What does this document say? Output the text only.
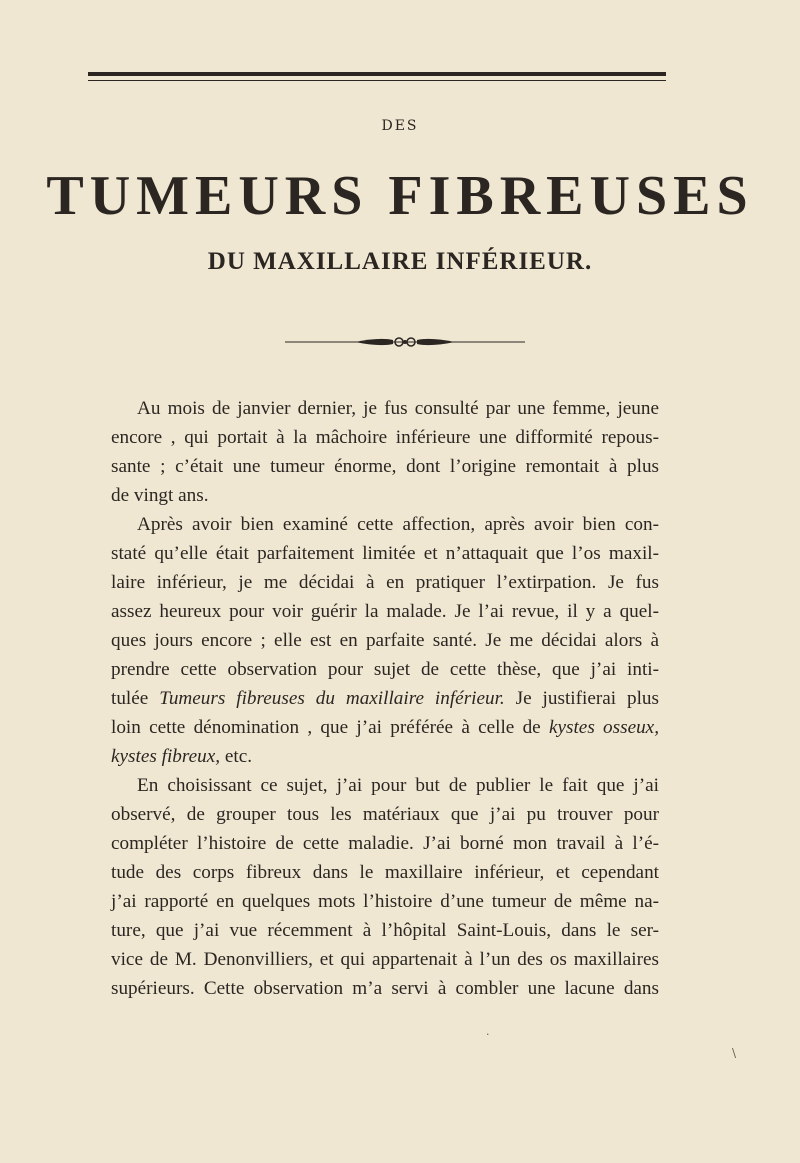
DES
TUMEURS FIBREUSES
DU MAXILLAIRE INFÉRIEUR.

Au mois de janvier dernier, je fus consulté par une femme, jeune
encore , qui portait à la mâchoire inférieure une difformité repous-
sante ; c’était une tumeur énorme, dont l’origine remontait à plus
de vingt ans.

Après avoir bien examiné cette affection, après avoir bien con-
staté qu’elle était parfaitement limitée et n’attaquait que l’os maxil-
laire inférieur, je me décidai à en pratiquer l’extirpation. Je fus
assez heureux pour voir guérir la malade. Je l’ai revue, il y a quel-
ques jours encore ; elle est en parfaite santé. Je me décidai alors à
prendre cette observation pour sujet de cette thèse, que j’ai inti-
tulée Tumeurs fibreuses du maxillaire inférieur. Je justifierai plus
loin cette dénomination , que j’ai préférée à celle de kystes osseux,
kystes fibreux, etc.

En choisissant ce sujet, j’ai pour but de publier le fait que j’ai
observé, de grouper tous les matériaux que j’ai pu trouver pour
compléter l’histoire de cette maladie. J’ai borné mon travail à l’é-
tude des corps fibreux dans le maxillaire inférieur, et cependant
j’ai rapporté en quelques mots l’histoire d’une tumeur de même na-
ture, que j’ai vue récemment à l’hôpital Saint-Louis, dans le ser-
vice de M. Denonvilliers, et qui appartenait à l’un des os maxillaires
supérieurs. Cette observation m’a servi à combler une lacune dans

·
\
